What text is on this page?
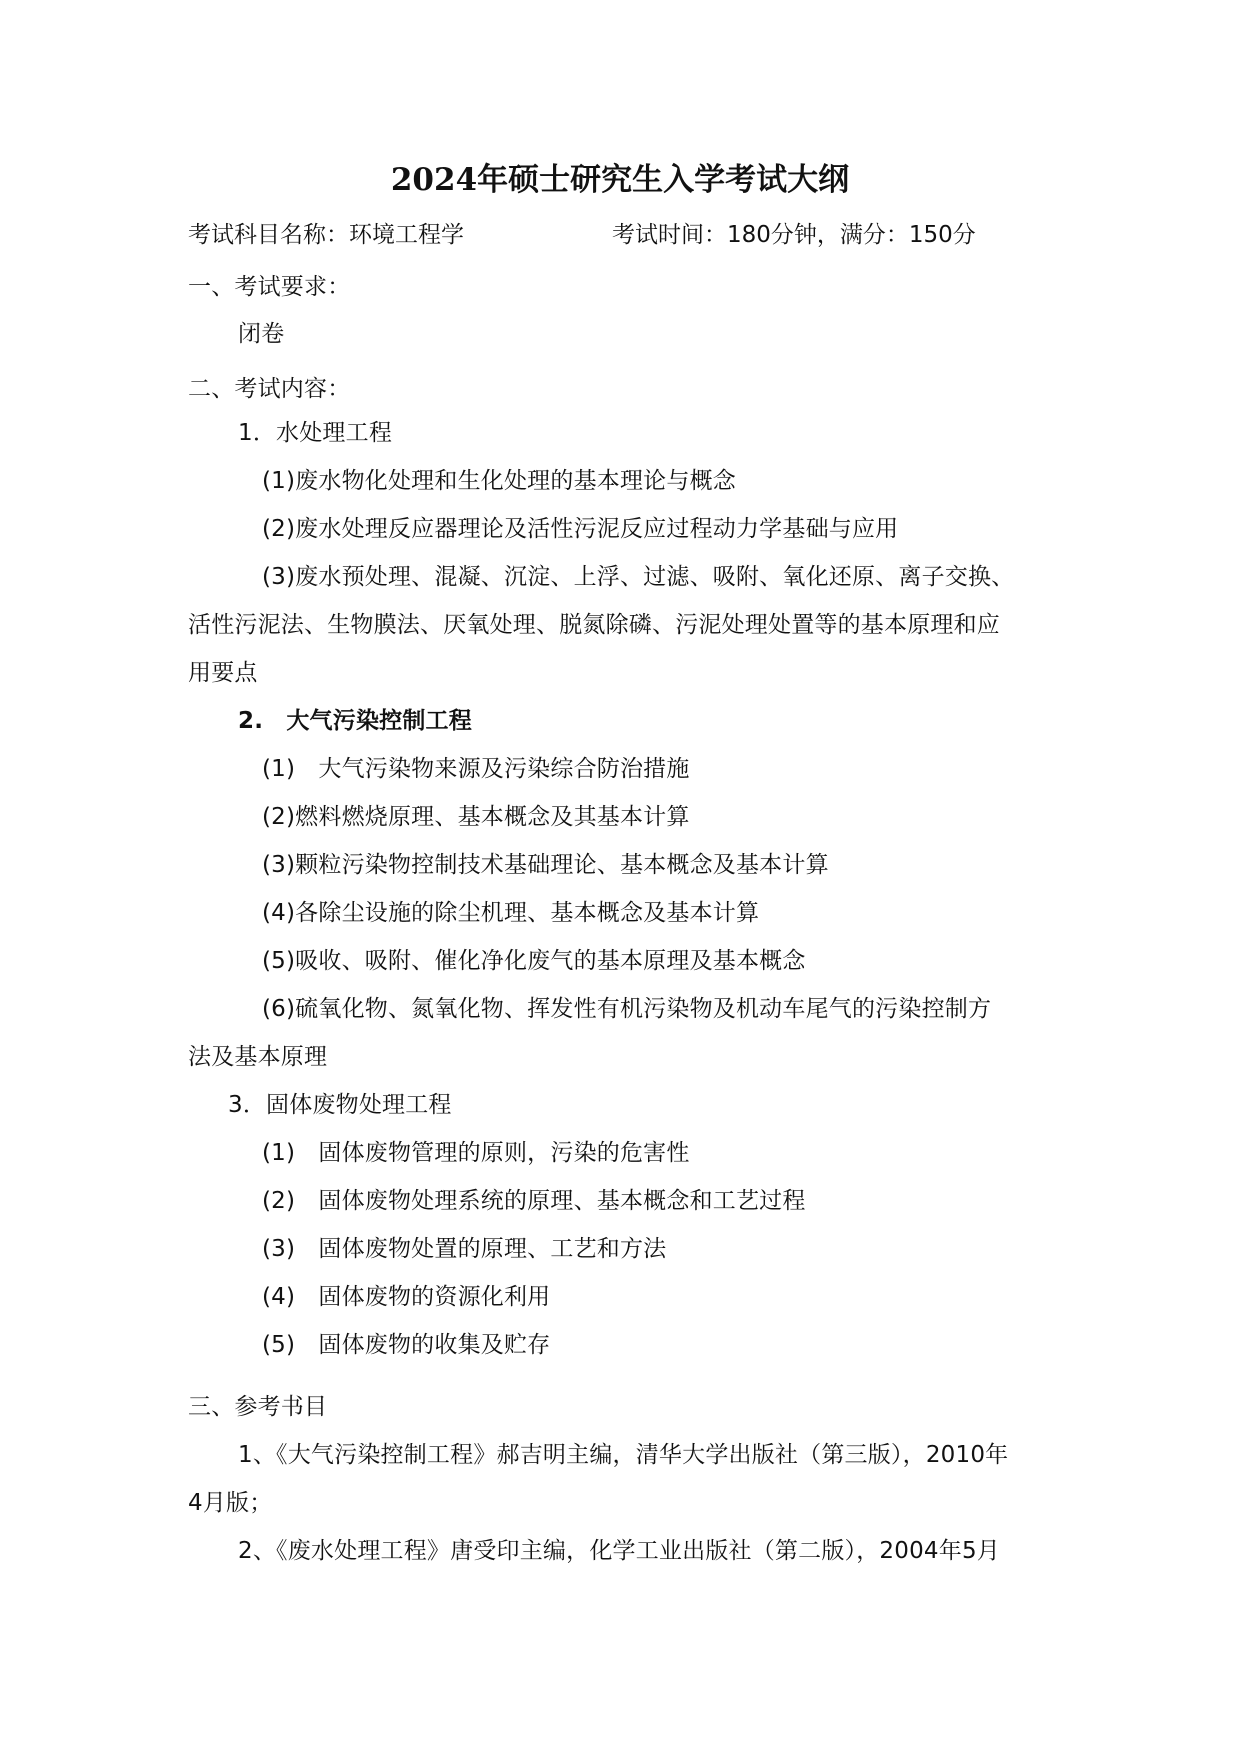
2024年硕士研究生入学考试大纲
考试科目名称：环境工程学	考试时间：180分钟，满分：150分
一、考试要求：
闭卷
二、考试内容：
1．水处理工程
(1)废水物化处理和生化处理的基本理论与概念
(2)废水处理反应器理论及活性污泥反应过程动力学基础与应用
(3)废水预处理、混凝、沉淀、上浮、过滤、吸附、氧化还原、离子交换、
活性污泥法、生物膜法、厌氧处理、脱氮除磷、污泥处理处置等的基本原理和应
用要点
2.　大气污染控制工程
(1)　大气污染物来源及污染综合防治措施
(2)燃料燃烧原理、基本概念及其基本计算
(3)颗粒污染物控制技术基础理论、基本概念及基本计算
(4)各除尘设施的除尘机理、基本概念及基本计算
(5)吸收、吸附、催化净化废气的基本原理及基本概念
(6)硫氧化物、氮氧化物、挥发性有机污染物及机动车尾气的污染控制方
法及基本原理
3．固体废物处理工程
(1)　固体废物管理的原则，污染的危害性
(2)　固体废物处理系统的原理、基本概念和工艺过程
(3)　固体废物处置的原理、工艺和方法
(4)　固体废物的资源化利用
(5)　固体废物的收集及贮存
三、参考书目
1、《大气污染控制工程》郝吉明主编，清华大学出版社（第三版），2010年
4月版；
2、《废水处理工程》唐受印主编，化学工业出版社（第二版），2004年5月
